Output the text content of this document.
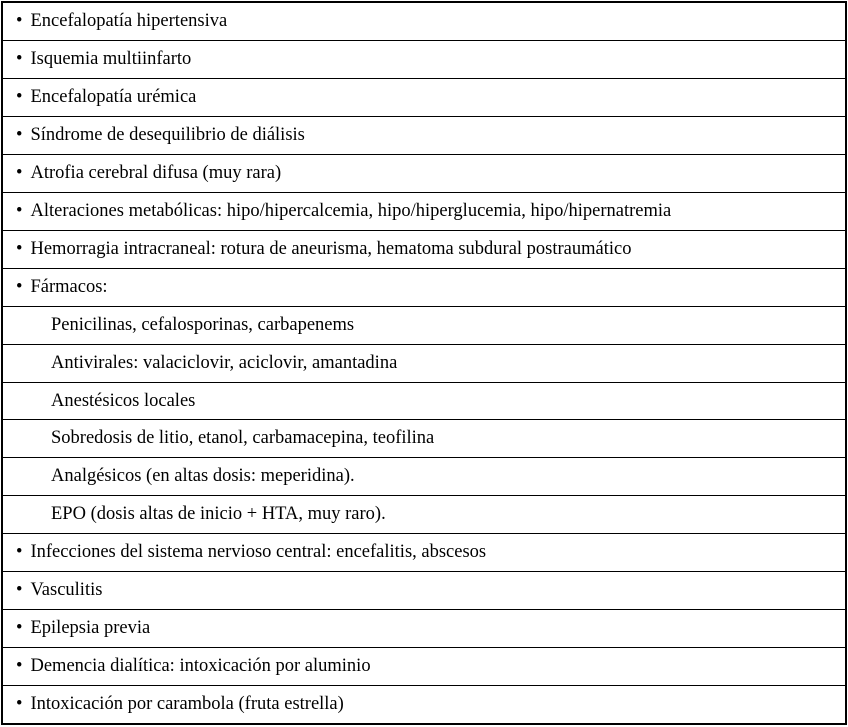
• Encefalopatía hipertensiva
• Isquemia multiinfarto
• Encefalopatía urémica
• Síndrome de desequilibrio de diálisis
• Atrofia cerebral difusa (muy rara)
• Alteraciones metabólicas: hipo/hipercalcemia, hipo/hiperglucemia, hipo/hipernatremia
• Hemorragia intracraneal: rotura de aneurisma, hematoma subdural postraumático
• Fármacos:
Penicilinas, cefalosporinas, carbapenems
Antivirales: valaciclovir, aciclovir, amantadina
Anestésicos locales
Sobredosis de litio, etanol, carbamacepina, teofilina
Analgésicos (en altas dosis: meperidina).
EPO (dosis altas de inicio + HTA, muy raro).
• Infecciones del sistema nervioso central: encefalitis, abscesos
• Vasculitis
• Epilepsia previa
• Demencia dialítica: intoxicación por aluminio
• Intoxicación por carambola (fruta estrella)
